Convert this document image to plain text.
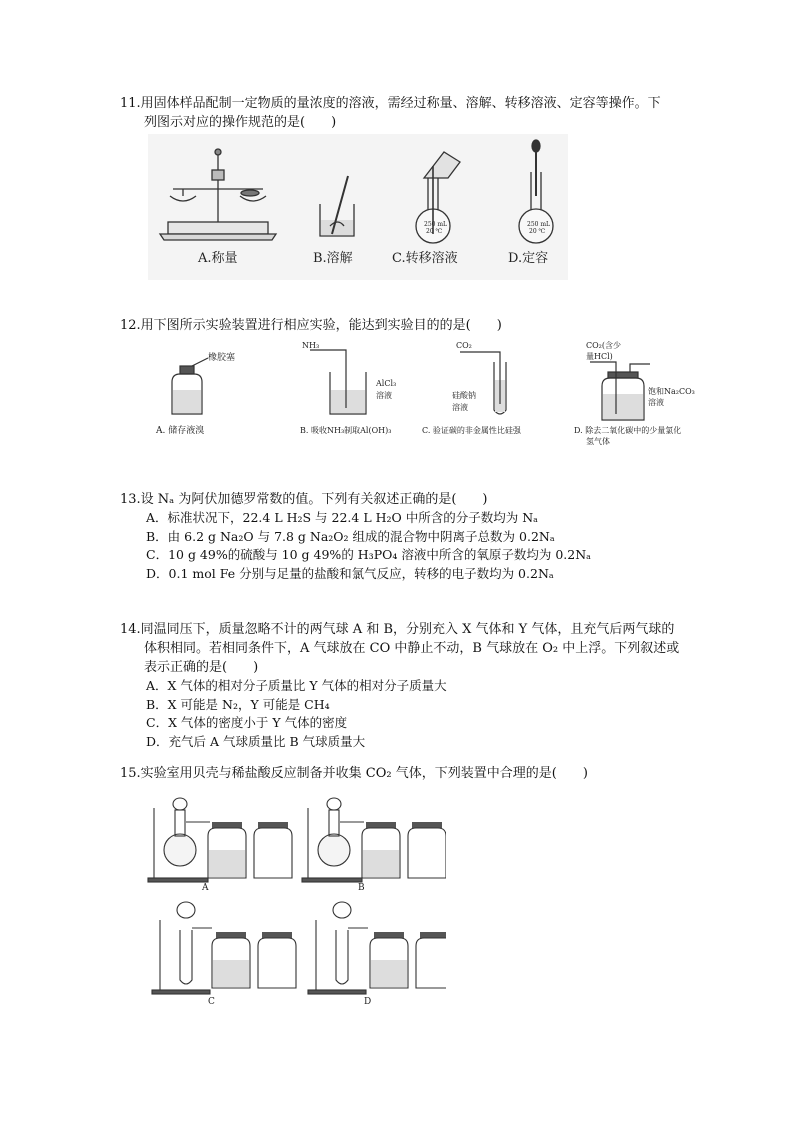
11.用固体样品配制一定物质的量浓度的溶液，需经过称量、溶解、转移溶液、定容等操作。下
列图示对应的操作规范的是(　　)
250 mL
20 ℃
250 mL
20 ℃
A.称量	B.溶解	C.转移溶液	D.定容
12.用下图所示实验装置进行相应实验，能达到实验目的的是(　　)
橡胶塞
A. 储存液溴
NH₃
AlCl₃
溶液
B. 吸收NH₃制取Al(OH)₃
CO₂
硅酸钠
溶液
C. 验证碳的非金属性比硅强
CO₂(含少
量HCl)
饱和Na₂CO₃
溶液
D. 除去二氧化碳中的少量氯化
氢气体
13.设 Nₐ 为阿伏加德罗常数的值。下列有关叙述正确的是(　　)
A．标准状况下，22.4 L H₂S 与 22.4 L H₂O 中所含的分子数均为 Nₐ
B．由 6.2 g Na₂O 与 7.8 g Na₂O₂ 组成的混合物中阴离子总数为 0.2Nₐ
C．10 g 49%的硫酸与 10 g 49%的 H₃PO₄ 溶液中所含的氧原子数均为 0.2Nₐ
D．0.1 mol Fe 分别与足量的盐酸和氯气反应，转移的电子数均为 0.2Nₐ
14.同温同压下，质量忽略不计的两气球 A 和 B，分别充入 X 气体和 Y 气体，且充气后两气球的
体积相同。若相同条件下，A 气球放在 CO 中静止不动，B 气球放在 O₂ 中上浮。下列叙述或
表示正确的是(　　)
A．X 气体的相对分子质量比 Y 气体的相对分子质量大
B．X 可能是 N₂，Y 可能是 CH₄
C．X 气体的密度小于 Y 气体的密度
D．充气后 A 气球质量比 B 气球质量大
15.实验室用贝壳与稀盐酸反应制备并收集 CO₂ 气体，下列装置中合理的是(　　)
A	B
C	D
